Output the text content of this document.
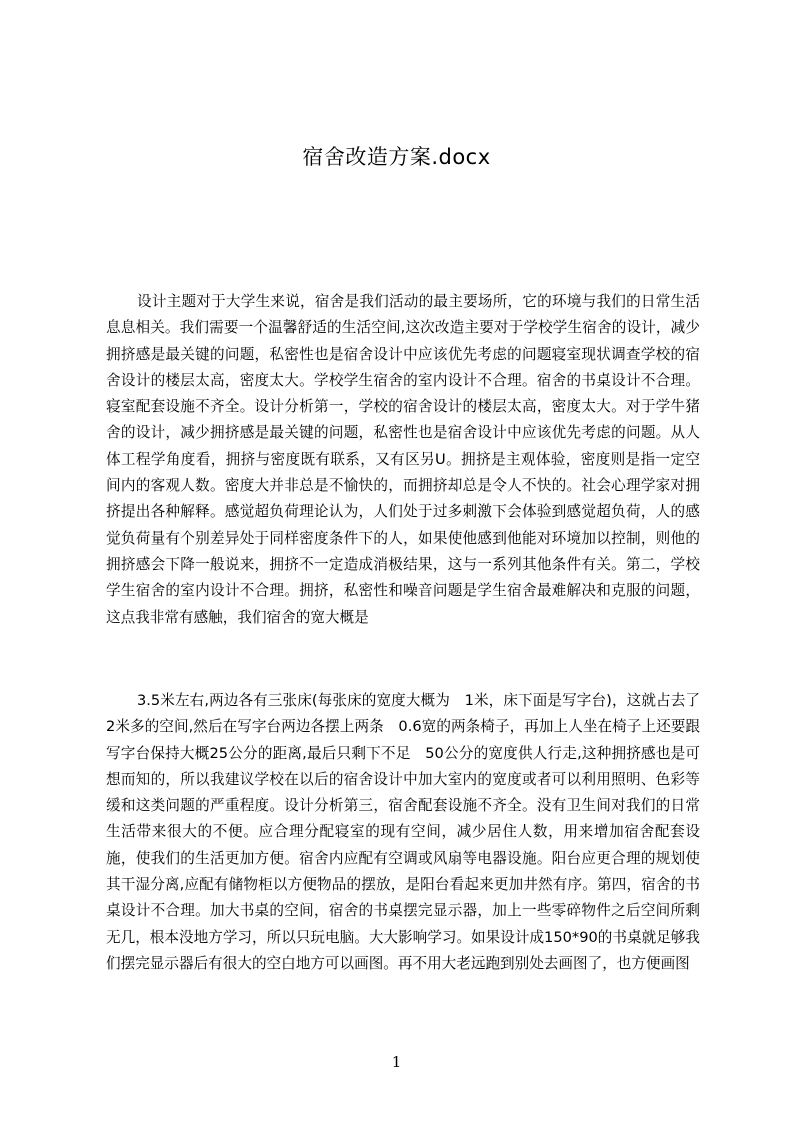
宿舍改造方案.docx

设计主题对于大学生来说，宿舍是我们活动的最主要场所，它的环境与我们的日常生活息息相关。我们需要一个温馨舒适的生活空间,这次改造主要对于学校学生宿舍的设计，减少拥挤感是最关键的问题，私密性也是宿舍设计中应该优先考虑的问题寝室现状调查学校的宿舍设计的楼层太高，密度太大。学校学生宿舍的室内设计不合理。宿舍的书桌设计不合理。寝室配套设施不齐全。设计分析第一，学校的宿舍设计的楼层太高，密度太大。对于学牛猪舍的设计，减少拥挤感是最关键的问题，私密性也是宿舍设计中应该优先考虑的问题。从人体工程学角度看，拥挤与密度既有联系，又有区另U。拥挤是主观体验，密度则是指一定空间内的客观人数。密度大并非总是不愉快的，而拥挤却总是令人不快的。社会心理学家对拥挤提出各种解释。感觉超负荷理论认为，人们处于过多刺激下会体验到感觉超负荷，人的感觉负荷量有个别差异处于同样密度条件下的人，如果使他感到他能对环境加以控制，则他的拥挤感会下降一般说来，拥挤不一定造成消极结果，这与一系列其他条件有关。第二，学校学生宿舍的室内设计不合理。拥挤，私密性和噪音问题是学生宿舍最难解决和克服的问题，这点我非常有感触，我们宿舍的宽大概是

3.5米左右,两边各有三张床(每张床的宽度大概为　1米，床下面是写字台)，这就占去了2米多的空间,然后在写字台两边各摆上两条　0.6宽的两条椅子，再加上人坐在椅子上还要跟写字台保持大概25公分的距离,最后只剩下不足　50公分的宽度供人行走,这种拥挤感也是可想而知的，所以我建议学校在以后的宿舍设计中加大室内的宽度或者可以利用照明、色彩等缓和这类问题的严重程度。设计分析第三，宿舍配套设施不齐全。没有卫生间对我们的日常生活带来很大的不便。应合理分配寝室的现有空间，减少居住人数，用来增加宿舍配套设施，使我们的生活更加方便。宿舍内应配有空调或风扇等电器设施。阳台应更合理的规划使其干湿分离,应配有储物柜以方便物品的摆放，是阳台看起来更加井然有序。第四，宿舍的书桌设计不合理。加大书桌的空间，宿舍的书桌摆完显示器，加上一些零碎物件之后空间所剩无几，根本没地方学习，所以只玩电脑。大大影响学习。如果设计成150*90的书桌就足够我们摆完显示器后有很大的空白地方可以画图。再不用大老远跑到别处去画图了，也方便画图

1
